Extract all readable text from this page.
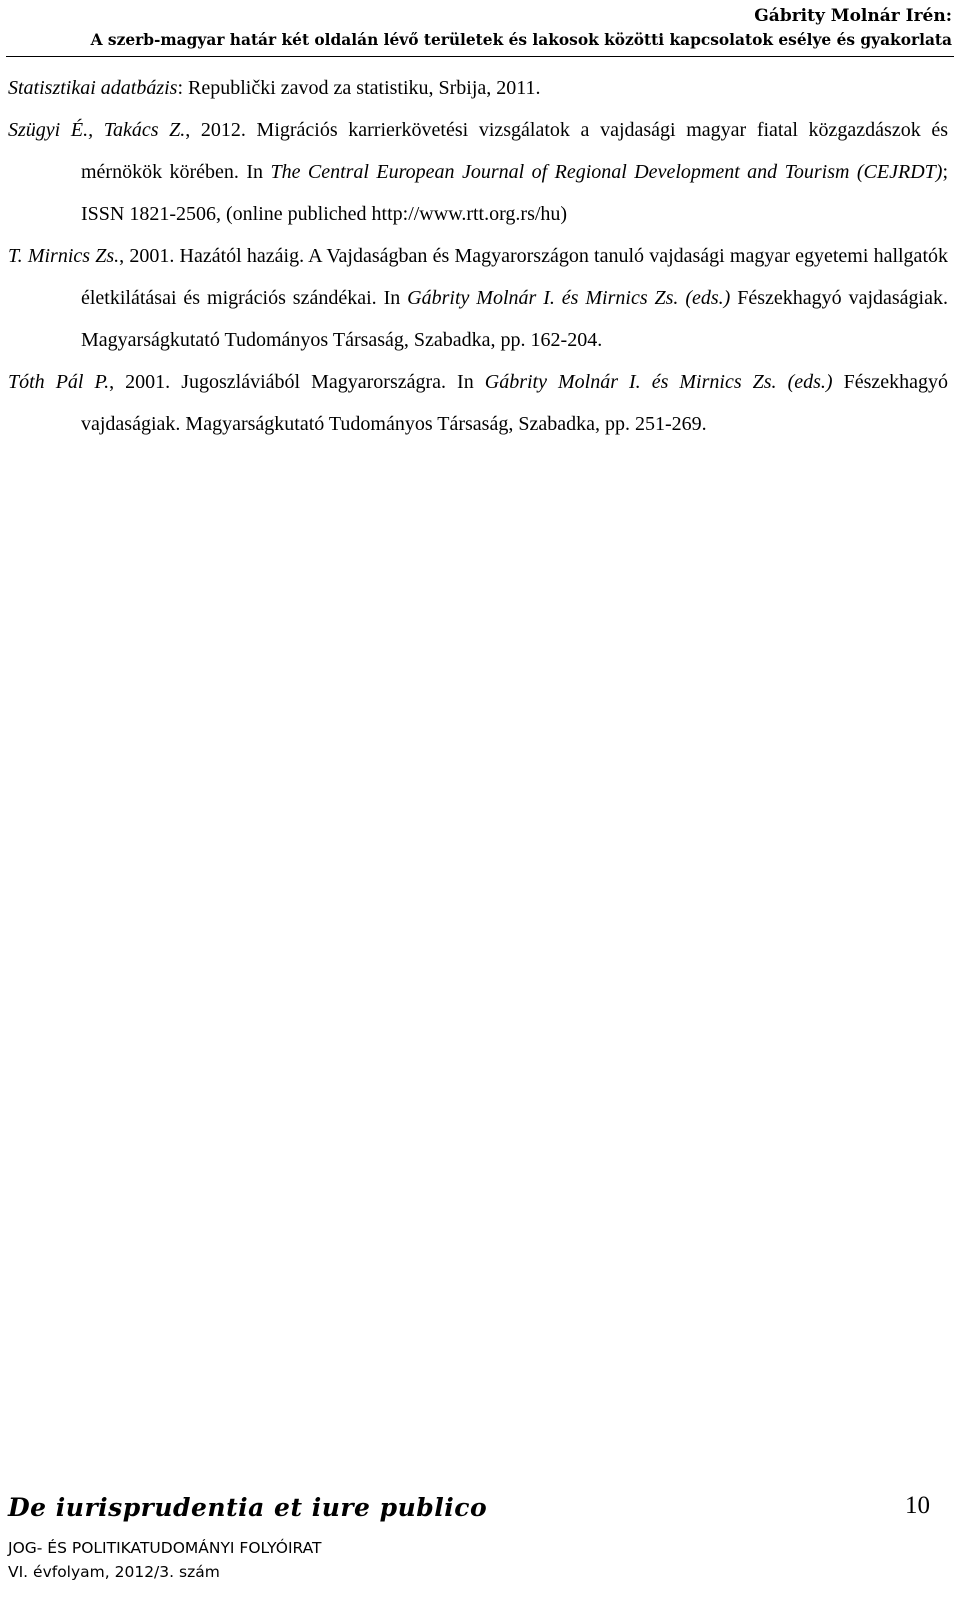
Gábrity Molnár Irén:
A szerb-magyar határ két oldalán lévő területek és lakosok közötti kapcsolatok esélye és gyakorlata
Statisztikai adatbázis: Republički zavod za statistiku, Srbija, 2011.
Szügyi É., Takács Z., 2012. Migrációs karrierkövetési vizsgálatok a vajdasági magyar fiatal közgazdászok és mérnökök körében. In The Central European Journal of Regional Development and Tourism (CEJRDT); ISSN 1821-2506, (online publiched http://www.rtt.org.rs/hu)
T. Mirnics Zs., 2001. Hazától hazáig. A Vajdaságban és Magyarországon tanuló vajdasági magyar egyetemi hallgatók életkilátásai és migrációs szándékai. In Gábrity Molnár I. és Mirnics Zs. (eds.) Fészekhagyó vajdaságiak. Magyarságkutató Tudományos Társaság, Szabadka, pp. 162-204.
Tóth Pál P., 2001. Jugoszláviából Magyarországra. In Gábrity Molnár I. és Mirnics Zs. (eds.) Fészekhagyó vajdaságiak. Magyarságkutató Tudományos Társaság, Szabadka, pp. 251-269.
De iurisprudentia et iure publico
JOG- ÉS POLITIKATUDOMÁNYI FOLYÓIRAT
VI. évfolyam, 2012/3. szám
10
